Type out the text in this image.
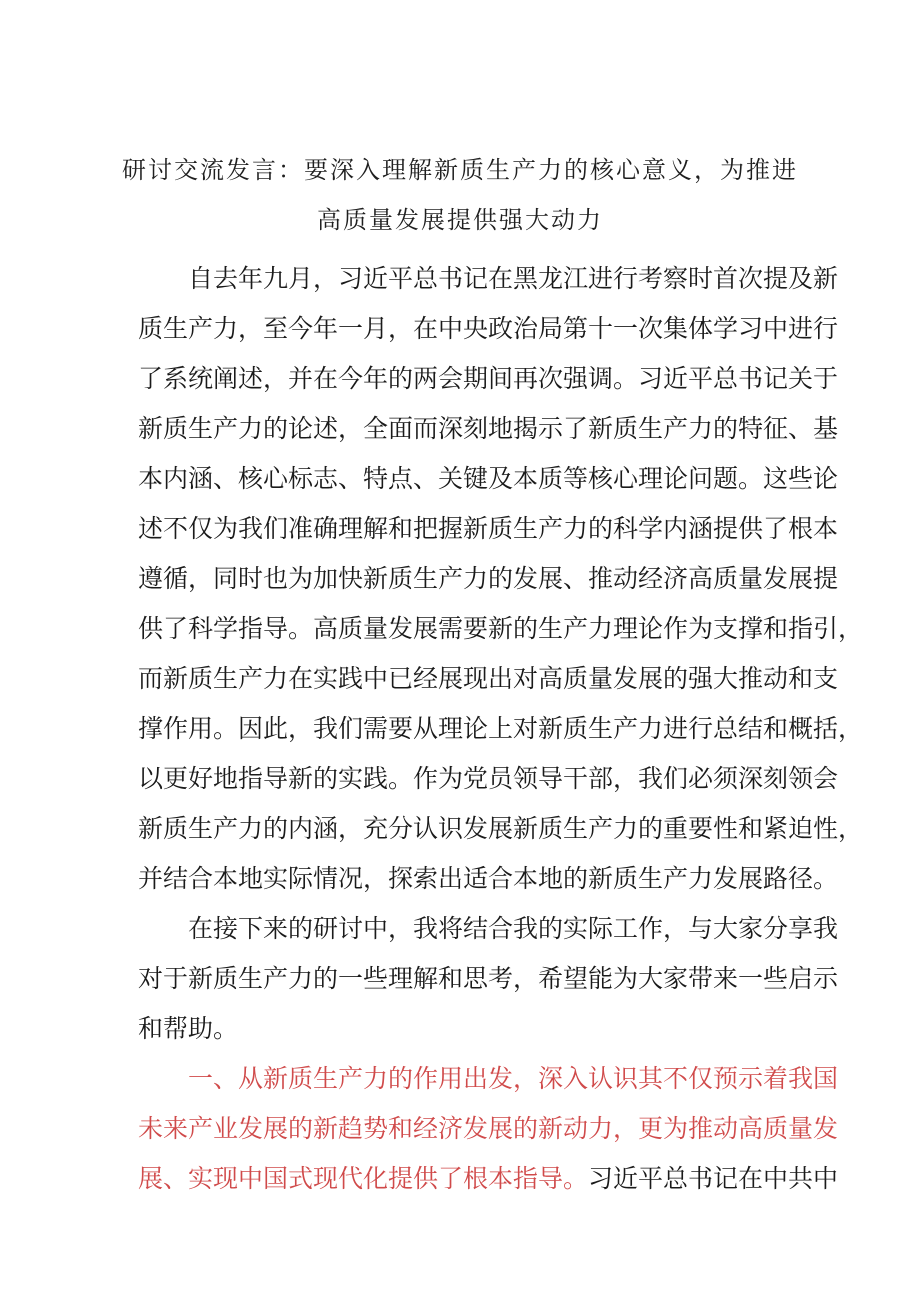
研讨交流发言：要深入理解新质生产力的核心意义，为推进
高质量发展提供强大动力
自去年九月，习近平总书记在黑龙江进行考察时首次提及新
质生产力，至今年一月，在中央政治局第十一次集体学习中进行
了系统阐述，并在今年的两会期间再次强调。习近平总书记关于
新质生产力的论述，全面而深刻地揭示了新质生产力的特征、基
本内涵、核心标志、特点、关键及本质等核心理论问题。这些论
述不仅为我们准确理解和把握新质生产力的科学内涵提供了根本
遵循，同时也为加快新质生产力的发展、推动经济高质量发展提
供了科学指导。高质量发展需要新的生产力理论作为支撑和指引，
而新质生产力在实践中已经展现出对高质量发展的强大推动和支
撑作用。因此，我们需要从理论上对新质生产力进行总结和概括，
以更好地指导新的实践。作为党员领导干部，我们必须深刻领会
新质生产力的内涵，充分认识发展新质生产力的重要性和紧迫性，
并结合本地实际情况，探索出适合本地的新质生产力发展路径。
在接下来的研讨中，我将结合我的实际工作，与大家分享我
对于新质生产力的一些理解和思考，希望能为大家带来一些启示
和帮助。
一、从新质生产力的作用出发，深入认识其不仅预示着我国
未来产业发展的新趋势和经济发展的新动力，更为推动高质量发
展、实现中国式现代化提供了根本指导。 习近平总书记在中共中
